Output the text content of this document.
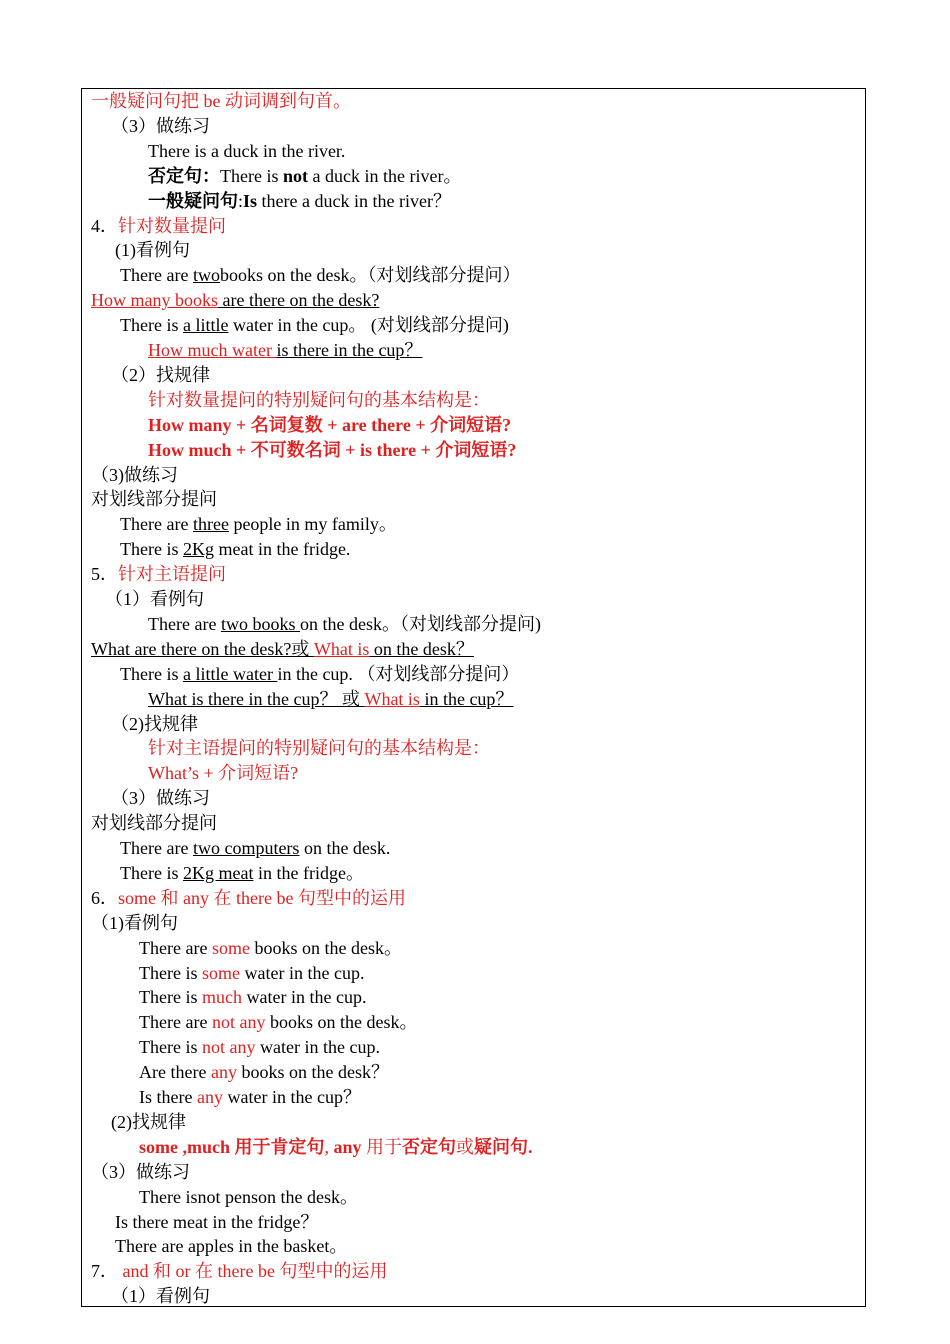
一般疑问句把 be 动词调到句首。
（3）做练习
There is a duck in the river.
否定句：There is not a duck in the river。
一般疑问句:Is there a duck in the river？
4．针对数量提问
(1)看例句
There are twobooks on the desk。（对划线部分提问）
How many books are there on the desk?
There is a little water in the cup。 (对划线部分提问)
How much water is there in the cup？
（2）找规律
针对数量提问的特别疑问句的基本结构是：
How many + 名词复数 + are there + 介词短语?
How much + 不可数名词 + is there + 介词短语?
（3)做练习
对划线部分提问
There are three people in my family。
There is 2Kg meat in the fridge.
5．针对主语提问
（1）看例句
There are two books on the desk。（对划线部分提问)
What are there on the desk?或 What is on the desk？
There is a little water in the cup. （对划线部分提问）
What is there in the cup？ 或 What is in the cup？
（2)找规律
针对主语提问的特别疑问句的基本结构是：
What’s + 介词短语?
（3）做练习
对划线部分提问
There are two computers on the desk.
There is 2Kg meat in the fridge。
6．some 和 any 在 there be 句型中的运用
（1)看例句
There are some books on the desk。
There is some water in the cup.
There is much water in the cup.
There are not any books on the desk。
There is not any water in the cup.
Are there any books on the desk？
Is there any water in the cup？
(2)找规律
some ,much 用于肯定句, any 用于否定句或疑问句.
（3）做练习
There isnot penson the desk。
Is there meat in the fridge？
There are apples in the basket。
7． and 和 or 在 there be 句型中的运用
（1）看例句
